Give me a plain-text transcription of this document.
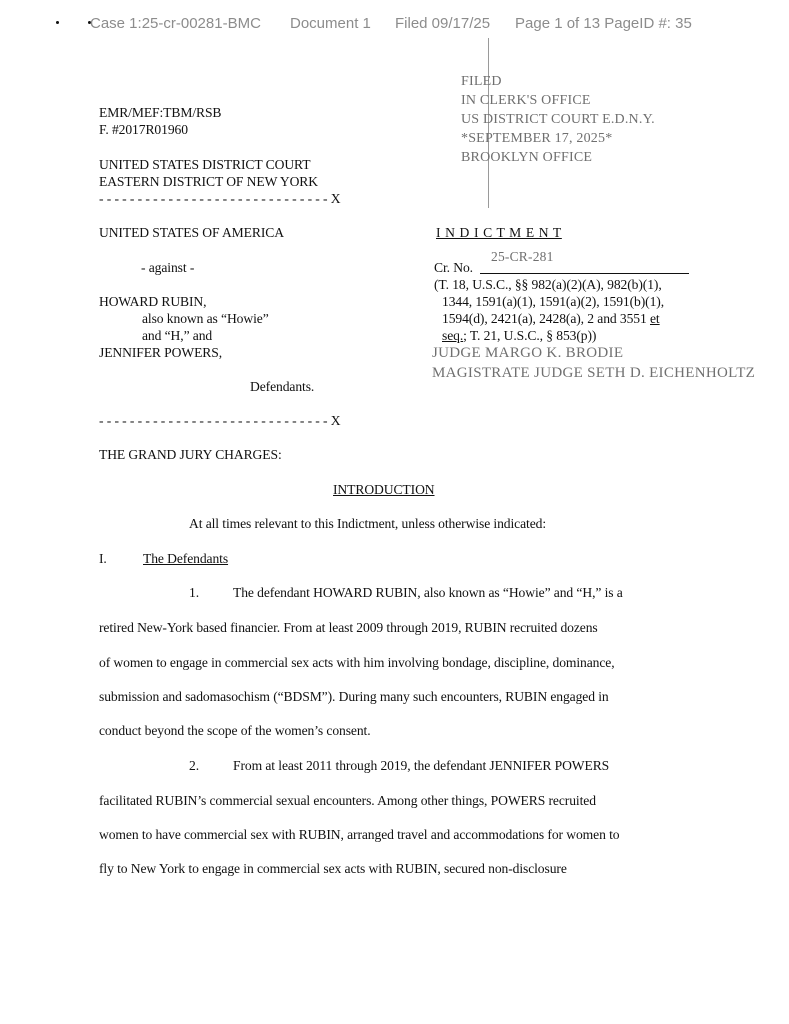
Case 1:25-cr-00281-BMC Document 1 Filed 09/17/25 Page 1 of 13 PageID #: 35
FILED
IN CLERK'S OFFICE
US DISTRICT COURT E.D.N.Y.
*SEPTEMBER 17, 2025*
BROOKLYN OFFICE
EMR/MEF:TBM/RSB
F. #2017R01960
UNITED STATES DISTRICT COURT
EASTERN DISTRICT OF NEW YORK
- - - - - - - - - - - - - - - - - - - - - - - - - - - - - - X
UNITED STATES OF AMERICA
- against -
HOWARD RUBIN,
also known as “Howie”
and “H,” and
JENNIFER POWERS,
Defendants.
- - - - - - - - - - - - - - - - - - - - - - - - - - - - - - X
I N D I C T M E N T
Cr. No.
25-CR-281
(T. 18, U.S.C., §§ 982(a)(2)(A), 982(b)(1),
1344, 1591(a)(1), 1591(a)(2), 1591(b)(1),
1594(d), 2421(a), 2428(a), 2 and 3551 et
seq.; T. 21, U.S.C., § 853(p))
JUDGE MARGO K. BRODIE
MAGISTRATE JUDGE SETH D. EICHENHOLTZ
THE GRAND JURY CHARGES:
INTRODUCTION
At all times relevant to this Indictment, unless otherwise indicated:
I.	The Defendants
1.	The defendant HOWARD RUBIN, also known as “Howie” and “H,” is a
retired New-York based financier. From at least 2009 through 2019, RUBIN recruited dozens
of women to engage in commercial sex acts with him involving bondage, discipline, dominance,
submission and sadomasochism (“BDSM”). During many such encounters, RUBIN engaged in
conduct beyond the scope of the women’s consent.
2.	From at least 2011 through 2019, the defendant JENNIFER POWERS
facilitated RUBIN’s commercial sexual encounters. Among other things, POWERS recruited
women to have commercial sex with RUBIN, arranged travel and accommodations for women to
fly to New York to engage in commercial sex acts with RUBIN, secured non-disclosure
